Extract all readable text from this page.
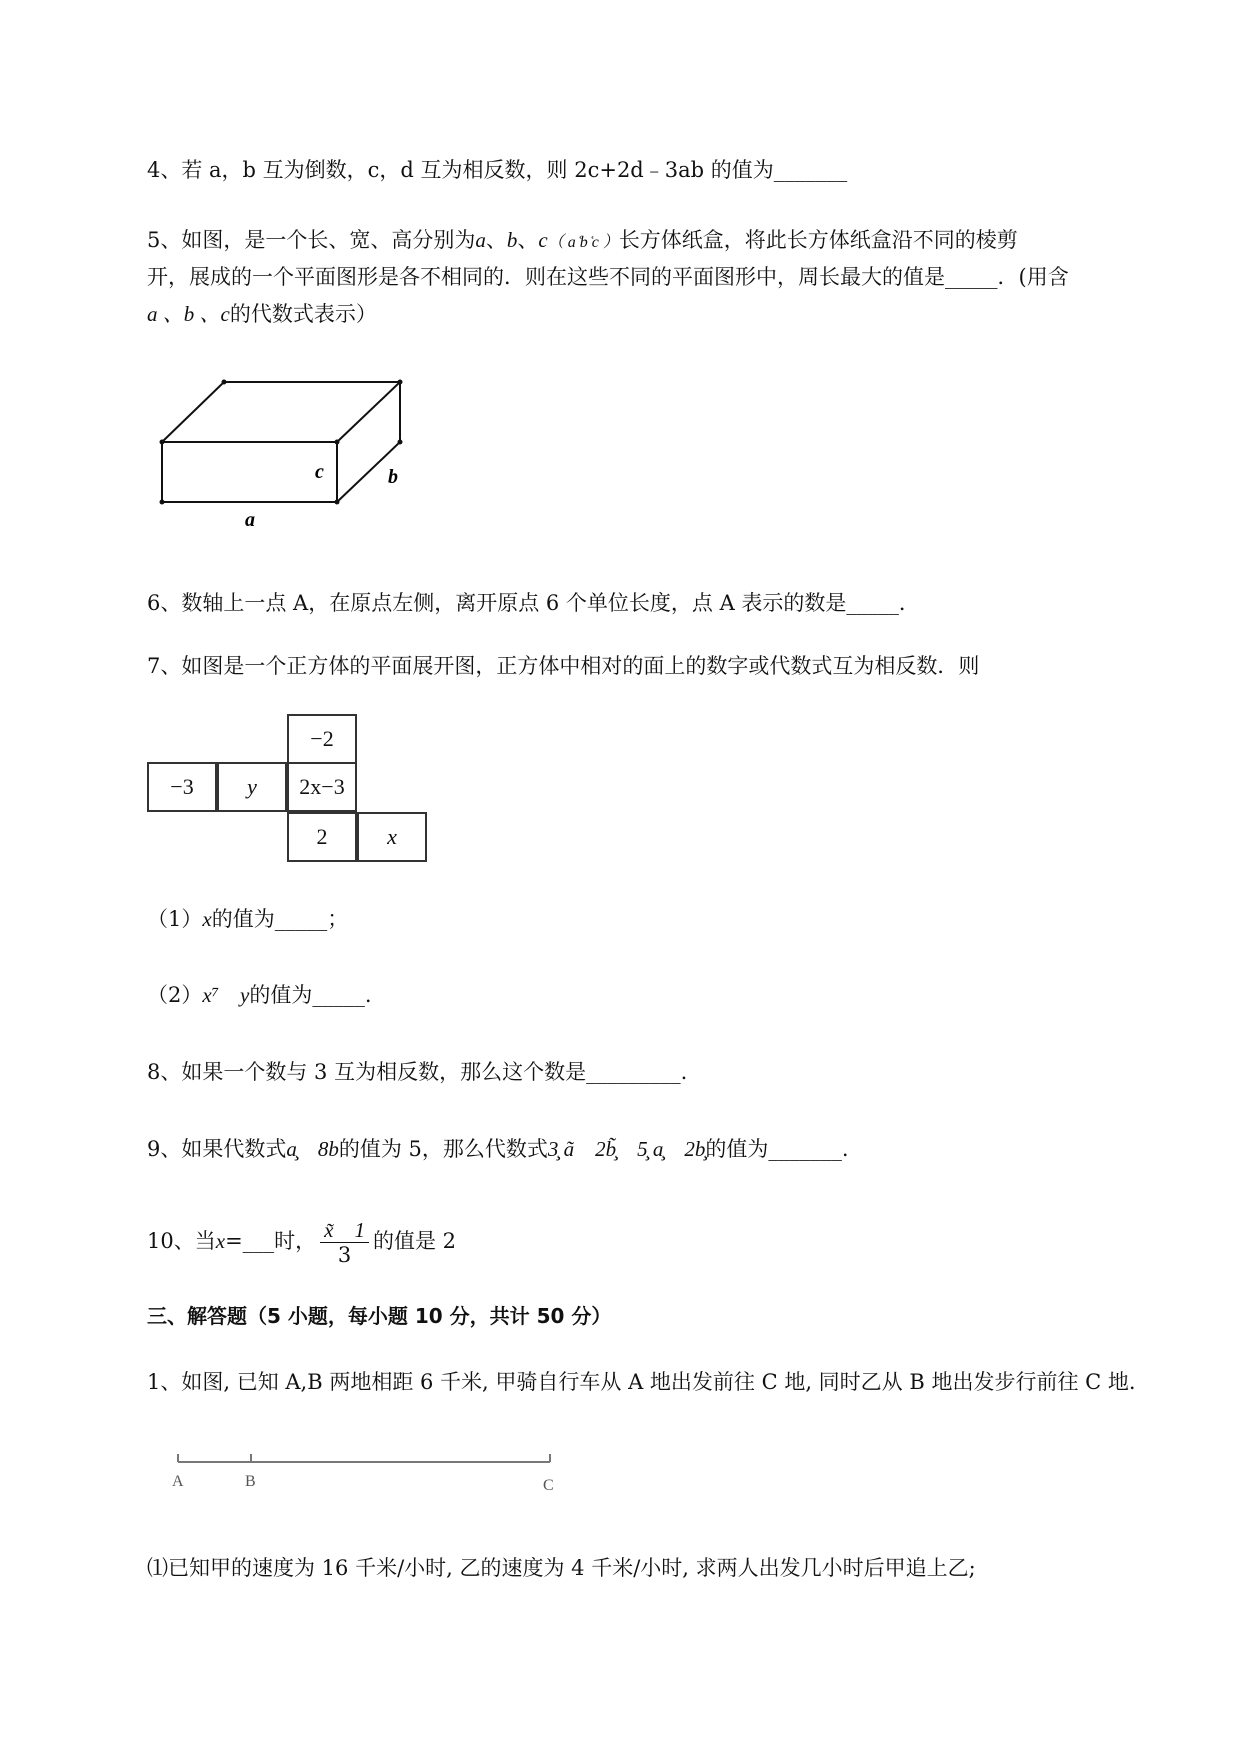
4、若 a，b 互为倒数，c，d 互为相反数，则 2c+2d﹣3ab 的值为_______
5、如图，是一个长、宽、高分别为a、b、c（ a ᷾b ᷾c ）长方体纸盒，将此长方体纸盒沿不同的棱剪
开，展成的一个平面图形是各不相同的．则在这些不同的平面图形中，周长最大的值是_____．(用含
a 、b 、c的代数式表示）
c	b
a
6、数轴上一点 A，在原点左侧，离开原点 6 个单位长度，点 A 表示的数是_____．
7、如图是一个正方体的平面展开图，正方体中相对的面上的数字或代数式互为相反数．则
−2
−3	y	2x−3
2	x
（1）x的值为_____；
（2）x⁷　y的值为_____.
8、如果一个数与 3 互为相反数，那么这个数是_________.
9、如果代数式a̧　8b的值为 5，那么代数式3̧ ã　2b̧̃　5̧ a̧　2b̧的值为_______.
10、当x=___时， $\frac{x̃ 1}{3}$ 的值是 2
三、解答题（5 小题，每小题 10 分，共计 50 分）
1、如图, 已知 A,B 两地相距 6 千米, 甲骑自行车从 A 地出发前往 C 地, 同时乙从 B 地出发步行前往 C 地.
A	B	C
⑴已知甲的速度为 16 千米/小时, 乙的速度为 4 千米/小时, 求两人出发几小时后甲追上乙;
